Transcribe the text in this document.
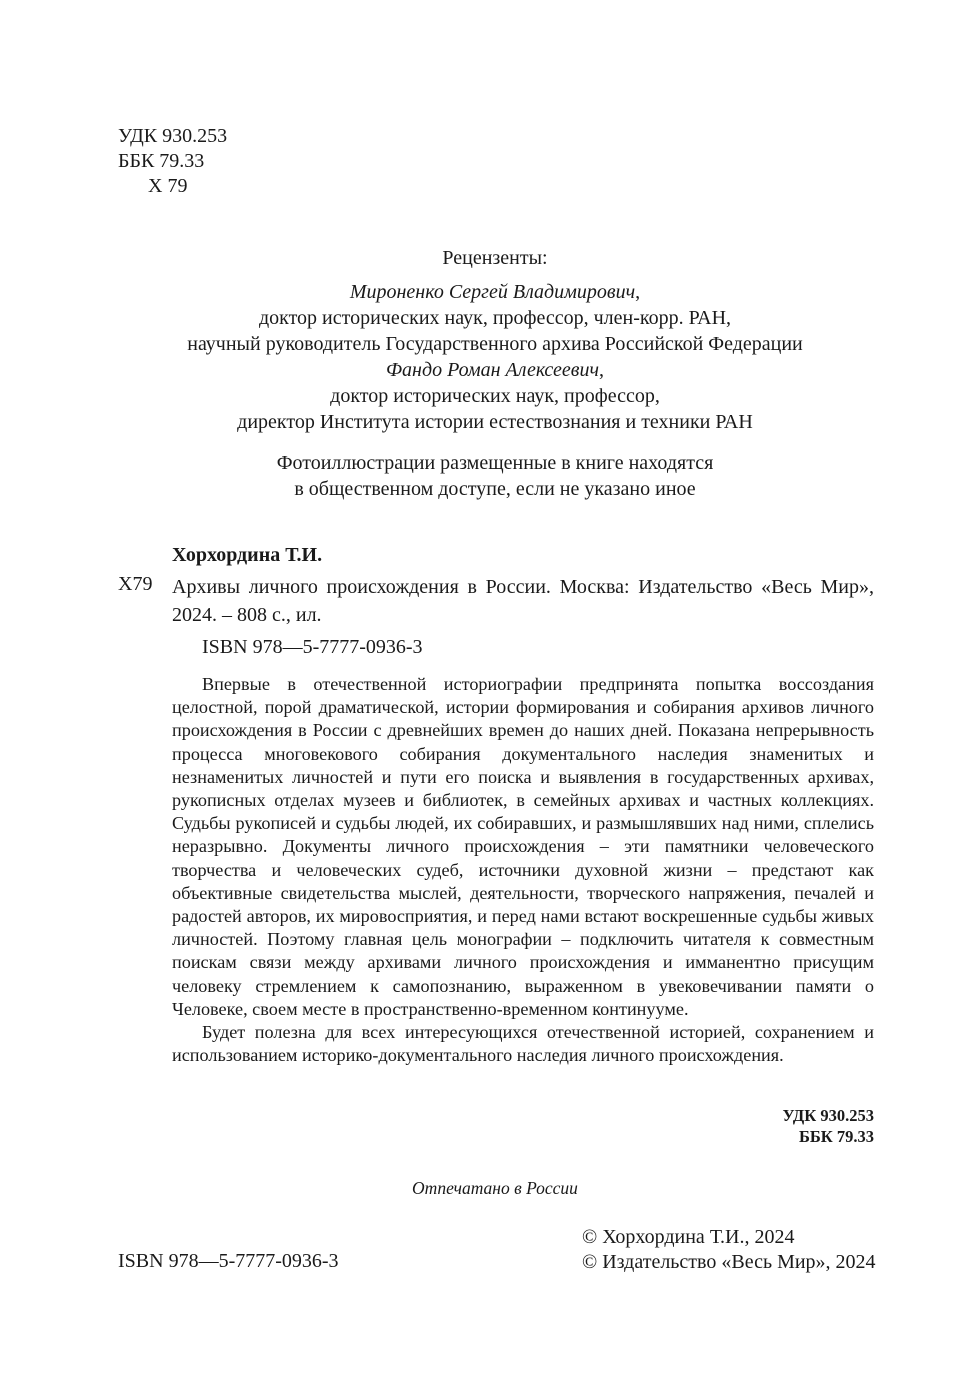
УДК 930.253
ББК 79.33
Х 79
Рецензенты:
Мироненко Сергей Владимирович,
доктор исторических наук, профессор, член-корр. РАН,
научный руководитель Государственного архива Российской Федерации
Фандо Роман Алексеевич,
доктор исторических наук, профессор,
директор Института истории естествознания и техники РАН
Фотоиллюстрации размещенные в книге находятся
в общественном доступе, если не указано иное
Хорхордина Т.И.
Х79 Архивы личного происхождения в России. Москва: Издательство «Весь Мир», 2024. – 808 с., ил.
ISBN 978—5-7777-0936-3

Впервые в отечественной историографии предпринята попытка воссоздания целостной, порой драматической, истории формирования и собирания архивов личного происхождения в России с древнейших времен до наших дней. Показана непрерывность процесса многовекового собирания документального наследия знаменитых и незнаменитых личностей и пути его поиска и выявления в государственных архивах, рукописных отделах музеев и библиотек, в семейных архивах и частных коллекциях. Судьбы рукописей и судьбы людей, их собиравших, и размышлявших над ними, сплелись неразрывно. Документы личного происхождения – эти памятники человеческого творчества и человеческих судеб, источники духовной жизни – предстают как объективные свидетельства мыслей, деятельности, творческого напряжения, печалей и радостей авторов, их мировосприятия, и перед нами встают воскрешенные судьбы живых личностей. Поэтому главная цель монографии – подключить читателя к совместным поискам связи между архивами личного происхождения и имманентно присущим человеку стремлением к самопознанию, выраженном в увековечивании памяти о Человеке, своем месте в пространственно-временном континууме.

Будет полезна для всех интересующихся отечественной историей, сохранением и использованием историко-документального наследия личного происхождения.

УДК 930.253
ББК 79.33
Отпечатано в России
ISBN 978—5-7777-0936-3
© Хорхордина Т.И., 2024
© Издательство «Весь Мир», 2024
